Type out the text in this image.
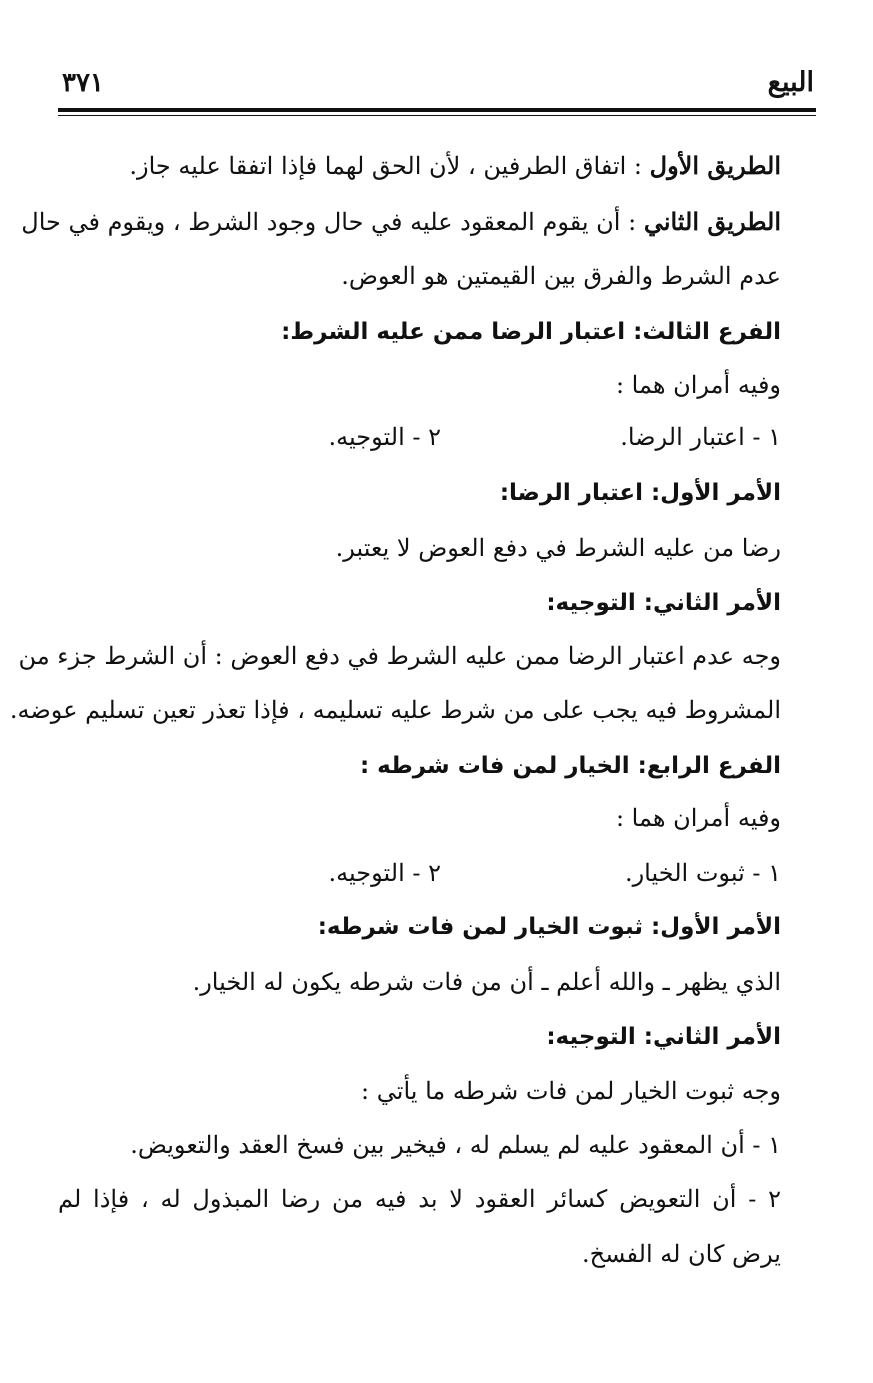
البيع
٣٧١
الطريق الأول : اتفاق الطرفين ، لأن الحق لهما فإذا اتفقا عليه جاز.
الطريق الثاني : أن يقوم المعقود عليه في حال وجود الشرط ، ويقوم في حال
عدم الشرط والفرق بين القيمتين هو العوض.
الفرع الثالث: اعتبار الرضا ممن عليه الشرط:
وفيه أمران هما :
١ - اعتبار الرضا.
٢ - التوجيه.
الأمر الأول: اعتبار الرضا:
رضا من عليه الشرط في دفع العوض لا يعتبر.
الأمر الثاني: التوجيه:
وجه عدم اعتبار الرضا ممن عليه الشرط في دفع العوض : أن الشرط جزء من
المشروط فيه يجب على من شرط عليه تسليمه ، فإذا تعذر تعين تسليم عوضه.
الفرع الرابع: الخيار لمن فات شرطه :
وفيه أمران هما :
١ - ثبوت الخيار.
٢ - التوجيه.
الأمر الأول: ثبوت الخيار لمن فات شرطه:
الذي يظهر ـ والله أعلم ـ أن من فات شرطه يكون له الخيار.
الأمر الثاني: التوجيه:
وجه ثبوت الخيار لمن فات شرطه ما يأتي :
١ - أن المعقود عليه لم يسلم له ، فيخير بين فسخ العقد والتعويض.
٢ - أن التعويض كسائر العقود لا بد فيه من رضا المبذول له ، فإذا لم
يرض كان له الفسخ.
